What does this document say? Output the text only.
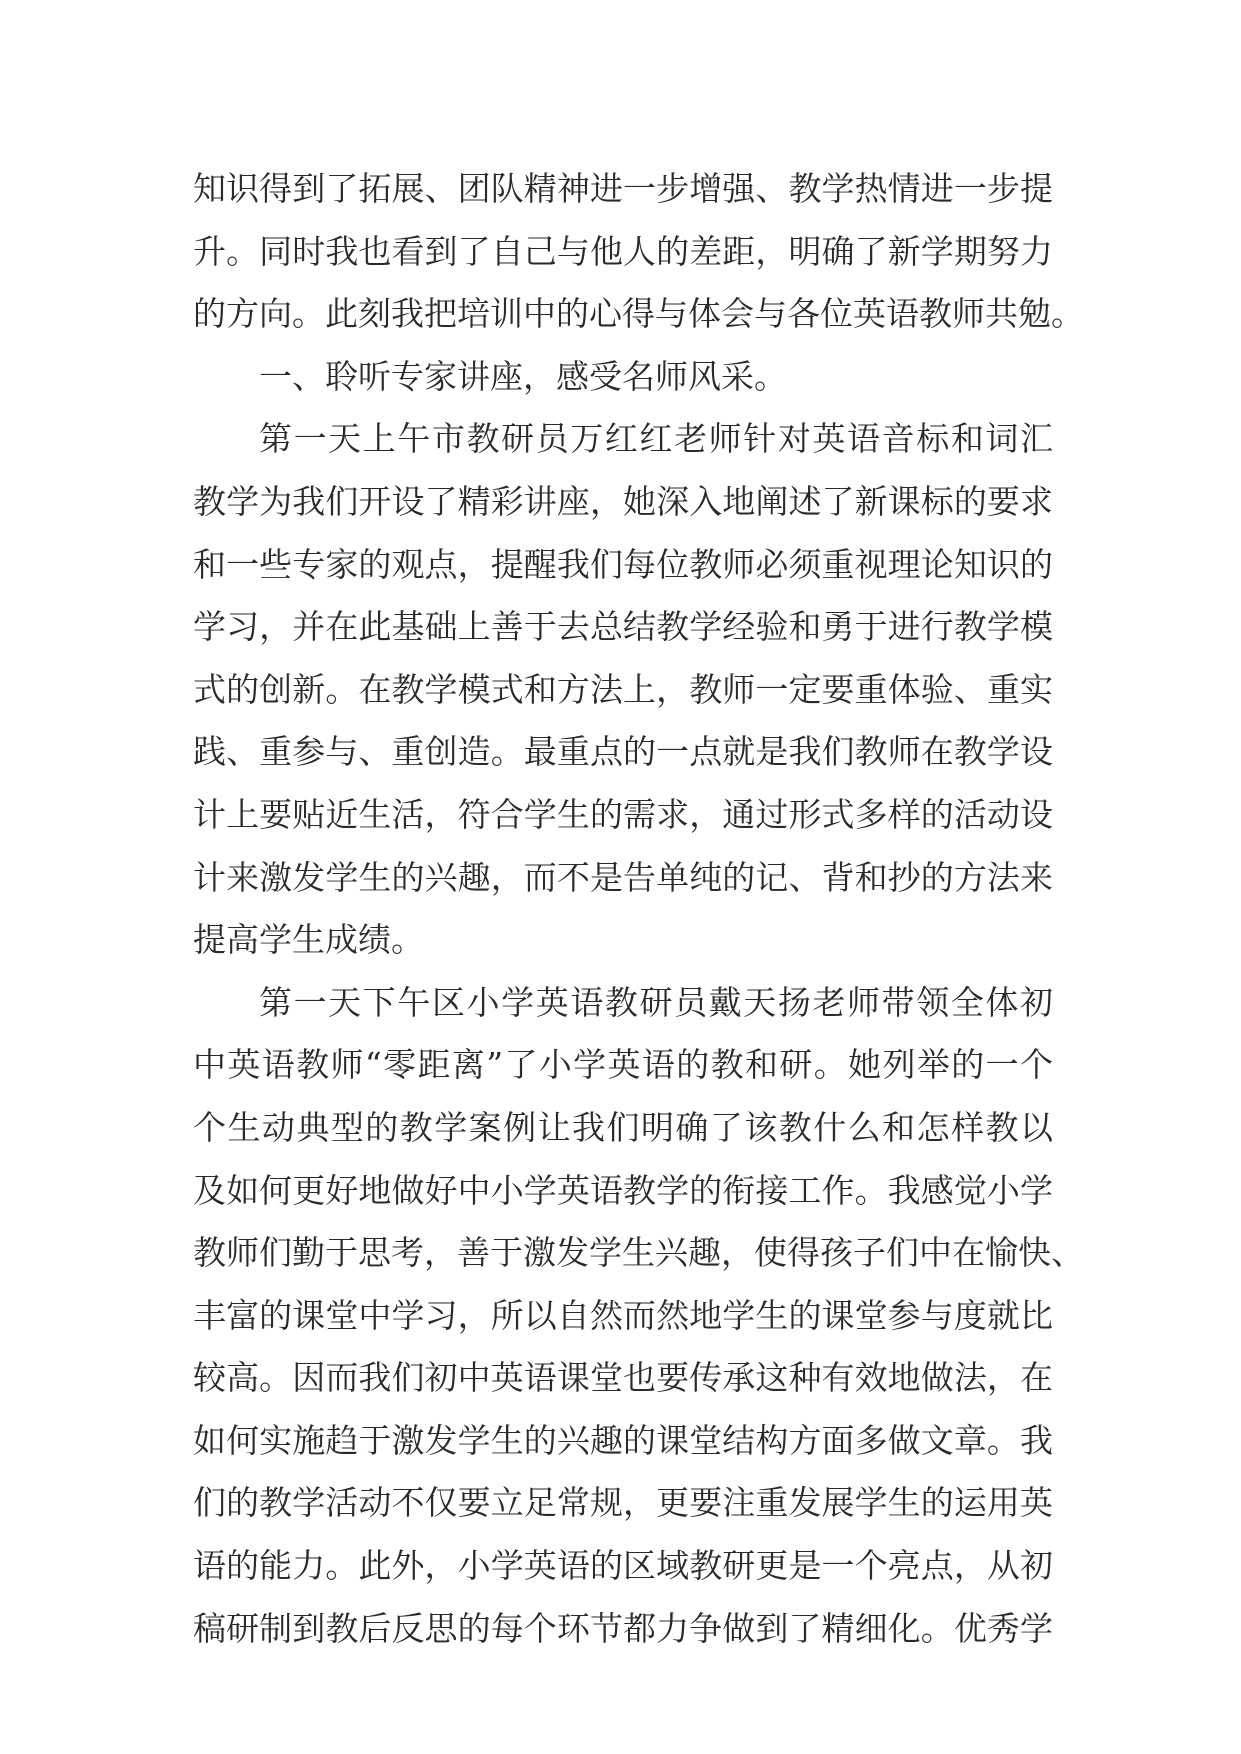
知识得到了拓展、团队精神进一步增强、教学热情进一步提
升。同时我也看到了自己与他人的差距，明确了新学期努力
的方向。此刻我把培训中的心得与体会与各位英语教师共勉。
一、聆听专家讲座，感受名师风采。
第一天上午市教研员万红红老师针对英语音标和词汇
教学为我们开设了精彩讲座，她深入地阐述了新课标的要求
和一些专家的观点，提醒我们每位教师必须重视理论知识的
学习，并在此基础上善于去总结教学经验和勇于进行教学模
式的创新。在教学模式和方法上，教师一定要重体验、重实
践、重参与、重创造。最重点的一点就是我们教师在教学设
计上要贴近生活，符合学生的需求，通过形式多样的活动设
计来激发学生的兴趣，而不是告单纯的记、背和抄的方法来
提高学生成绩。
第一天下午区小学英语教研员戴天扬老师带领全体初
中英语教师“零距离”了小学英语的教和研。她列举的一个
个生动典型的教学案例让我们明确了该教什么和怎样教以
及如何更好地做好中小学英语教学的衔接工作。我感觉小学
教师们勤于思考，善于激发学生兴趣，使得孩子们中在愉快、
丰富的课堂中学习，所以自然而然地学生的课堂参与度就比
较高。因而我们初中英语课堂也要传承这种有效地做法，在
如何实施趋于激发学生的兴趣的课堂结构方面多做文章。我
们的教学活动不仅要立足常规，更要注重发展学生的运用英
语的能力。此外，小学英语的区域教研更是一个亮点，从初
稿研制到教后反思的每个环节都力争做到了精细化。优秀学
